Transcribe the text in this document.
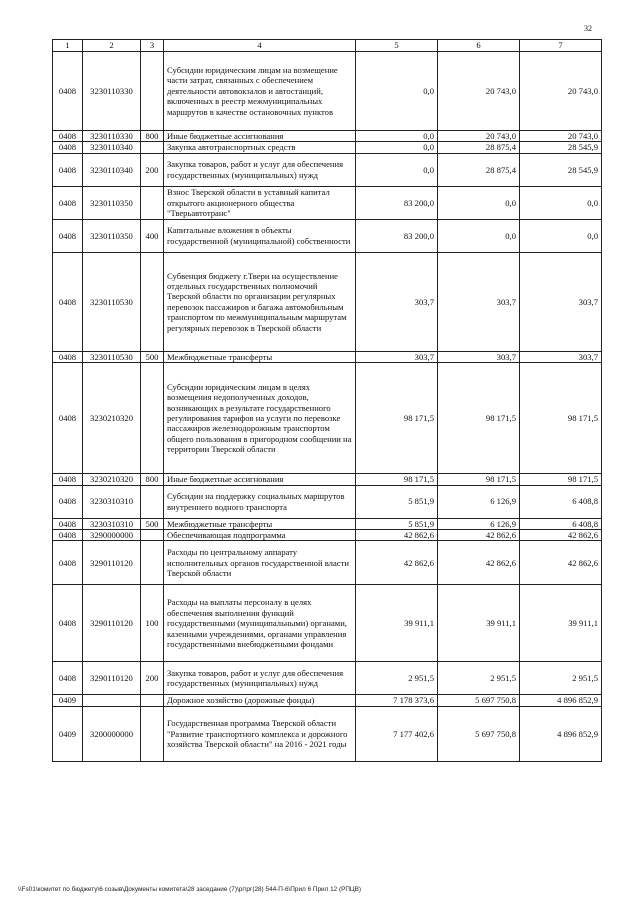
32
1	2	3	4	5	6	7
0408	3230110330		Субсидии юридическим лицам на возмещение части затрат, связанных с обеспечением деятельности автовокзалов и автостанций, включенных в реестр межмуниципальных маршрутов в качестве остановочных пунктов	0,0	20 743,0	20 743,0
0408	3230110330	800	Иные бюджетные ассигнования	0,0	20 743,0	20 743,0
0408	3230110340		Закупка автотранспортных средств	0,0	28 875,4	28 545,9
0408	3230110340	200	Закупка товаров, работ и услуг для обеспечения государственных (муниципальных) нужд	0,0	28 875,4	28 545,9
0408	3230110350		Взнос Тверской области в уставный капитал открытого акционерного общества "Тверьавтотранс"	83 200,0	0,0	0,0
0408	3230110350	400	Капитальные вложения в объекты государственной (муниципальной) собственности	83 200,0	0,0	0,0
0408	3230110530		Субвенция бюджету г.Твери на осуществление отдельных государственных полномочий Тверской области по организации регулярных перевозок пассажиров и багажа автомобильным транспортом по межмуниципальным маршрутам регулярных перевозок в Тверской области	303,7	303,7	303,7
0408	3230110530	500	Межбюджетные трансферты	303,7	303,7	303,7
0408	3230210320		Субсидии юридическим лицам в целях возмещения недополученных доходов, возникающих в результате государственного регулирования тарифов на услуги по перевозке пассажиров железнодорожным транспортом общего пользования в пригородном сообщении на территории Тверской области	98 171,5	98 171,5	98 171,5
0408	3230210320	800	Иные бюджетные ассигнования	98 171,5	98 171,5	98 171,5
0408	3230310310		Субсидии на поддержку социальных маршрутов внутреннего водного транспорта	5 851,9	6 126,9	6 408,8
0408	3230310310	500	Межбюджетные трансферты	5 851,9	6 126,9	6 408,8
0408	3290000000		Обеспечивающая подпрограмма	42 862,6	42 862,6	42 862,6
0408	3290110120		Расходы по центральному аппарату исполнительных органов государственной власти Тверской области	42 862,6	42 862,6	42 862,6
0408	3290110120	100	Расходы на выплаты персоналу в целях обеспечения выполнения функций государственными (муниципальными) органами, казенными учреждениями, органами управления государственными внебюджетными фондами	39 911,1	39 911,1	39 911,1
0408	3290110120	200	Закупка товаров, работ и услуг для обеспечения государственных (муниципальных) нужд	2 951,5	2 951,5	2 951,5
0409			Дорожное хозяйство (дорожные фонды)	7 178 373,6	5 697 750,8	4 896 852,9
0409	3200000000		Государственная программа Тверской области "Развитие транспортного комплекса и дорожного хозяйства Тверской области" на 2016 - 2021 годы	7 177 402,6	5 697 750,8	4 896 852,9
\\Fs01\комитет по бюджету\6 созыв\Документы комитета\28 заседание (7)\рг\рг(28) 544-П-6\Прил 6 Прил 12 (РПЦВ)
